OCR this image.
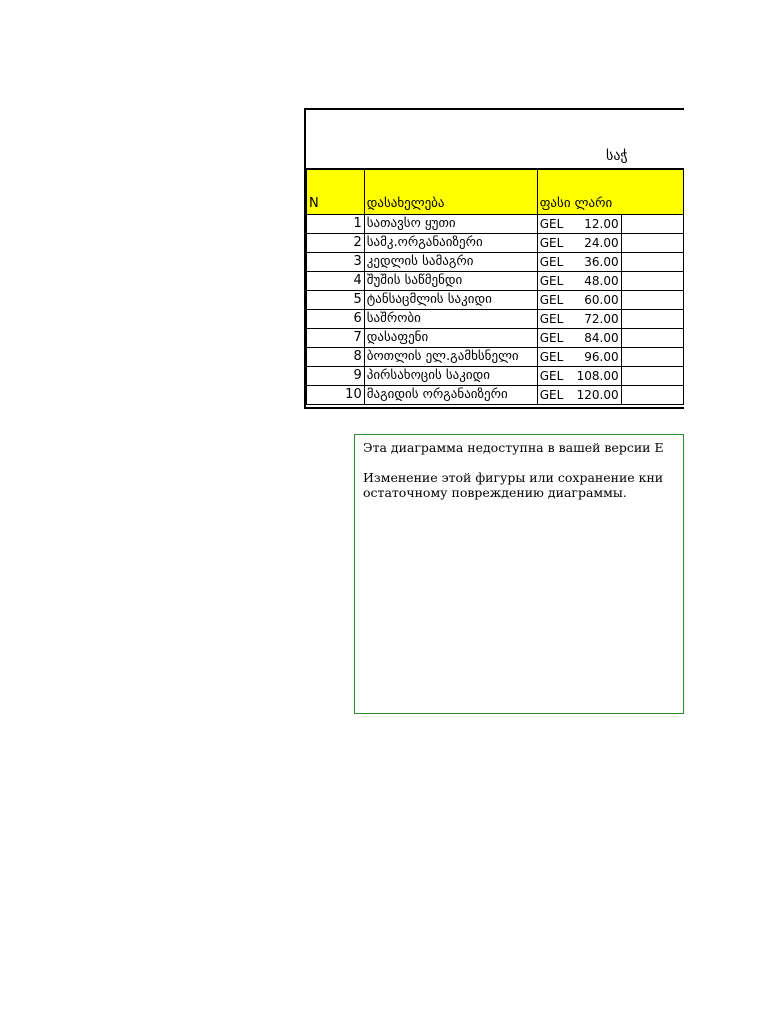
საჭ
N	დასახელება	ფასი ლარი		
1	სათავსო ყუთი	GEL	12.00	
2	სამკ.ორგანაიზერი	GEL	24.00	
3	კედლის სამაგრი	GEL	36.00	
4	შუშის საწმენდი	GEL	48.00	
5	ტანსაცმლის საკიდი	GEL	60.00	
6	საშრობი	GEL	72.00	
7	დასაფენი	GEL	84.00	
8	ბოთლის ელ.გამხსნელი	GEL	96.00	
9	პირსახოცის საკიდი	GEL	108.00	
10	მაგიდის ორგანაიზერი	GEL	120.00	

Эта диаграмма недоступна в вашей версии E

Изменение этой фигуры или сохранение кни

остаточному повреждению диаграммы.
